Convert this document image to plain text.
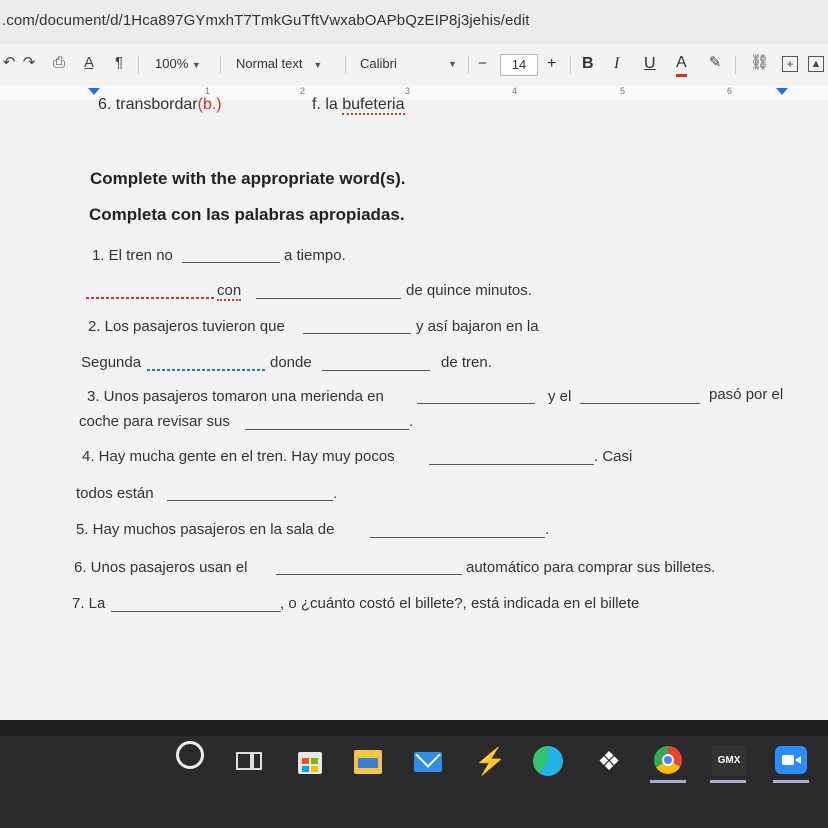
.com/document/d/1Hca897GYmxhT7TmkGuTftVwxabOAPbQzEIP8j3jehis/edit
↶ ↷ ⎙ A̲	¶	100% ▼	Normal text ▼	Calibri	▼ −	14	+ B I U A ✎ ⛓	+	▲
1	2	3	4	5	6
6. transbordar(b.)	f. la bufeteria
Complete with the appropriate word(s).
Completa con las palabras apropiadas.
1. El tren no	a tiempo.
con	de quince minutos.
2. Los pasajeros tuvieron que	y así bajaron en la
Segunda	donde	de tren.
3. Unos pasajeros tomaron una merienda en	y el	pasó por el
coche para revisar sus	.
4. Hay mucha gente en el tren. Hay muy pocos	. Casi
todos están	.
5. Hay muchos pasajeros en la sala de	.
6. Unos pasajeros usan el	automático para comprar sus billetes.
7. La	, o ¿cuánto costó el billete?, está indicada en el billete
⚡	❖	GMX
